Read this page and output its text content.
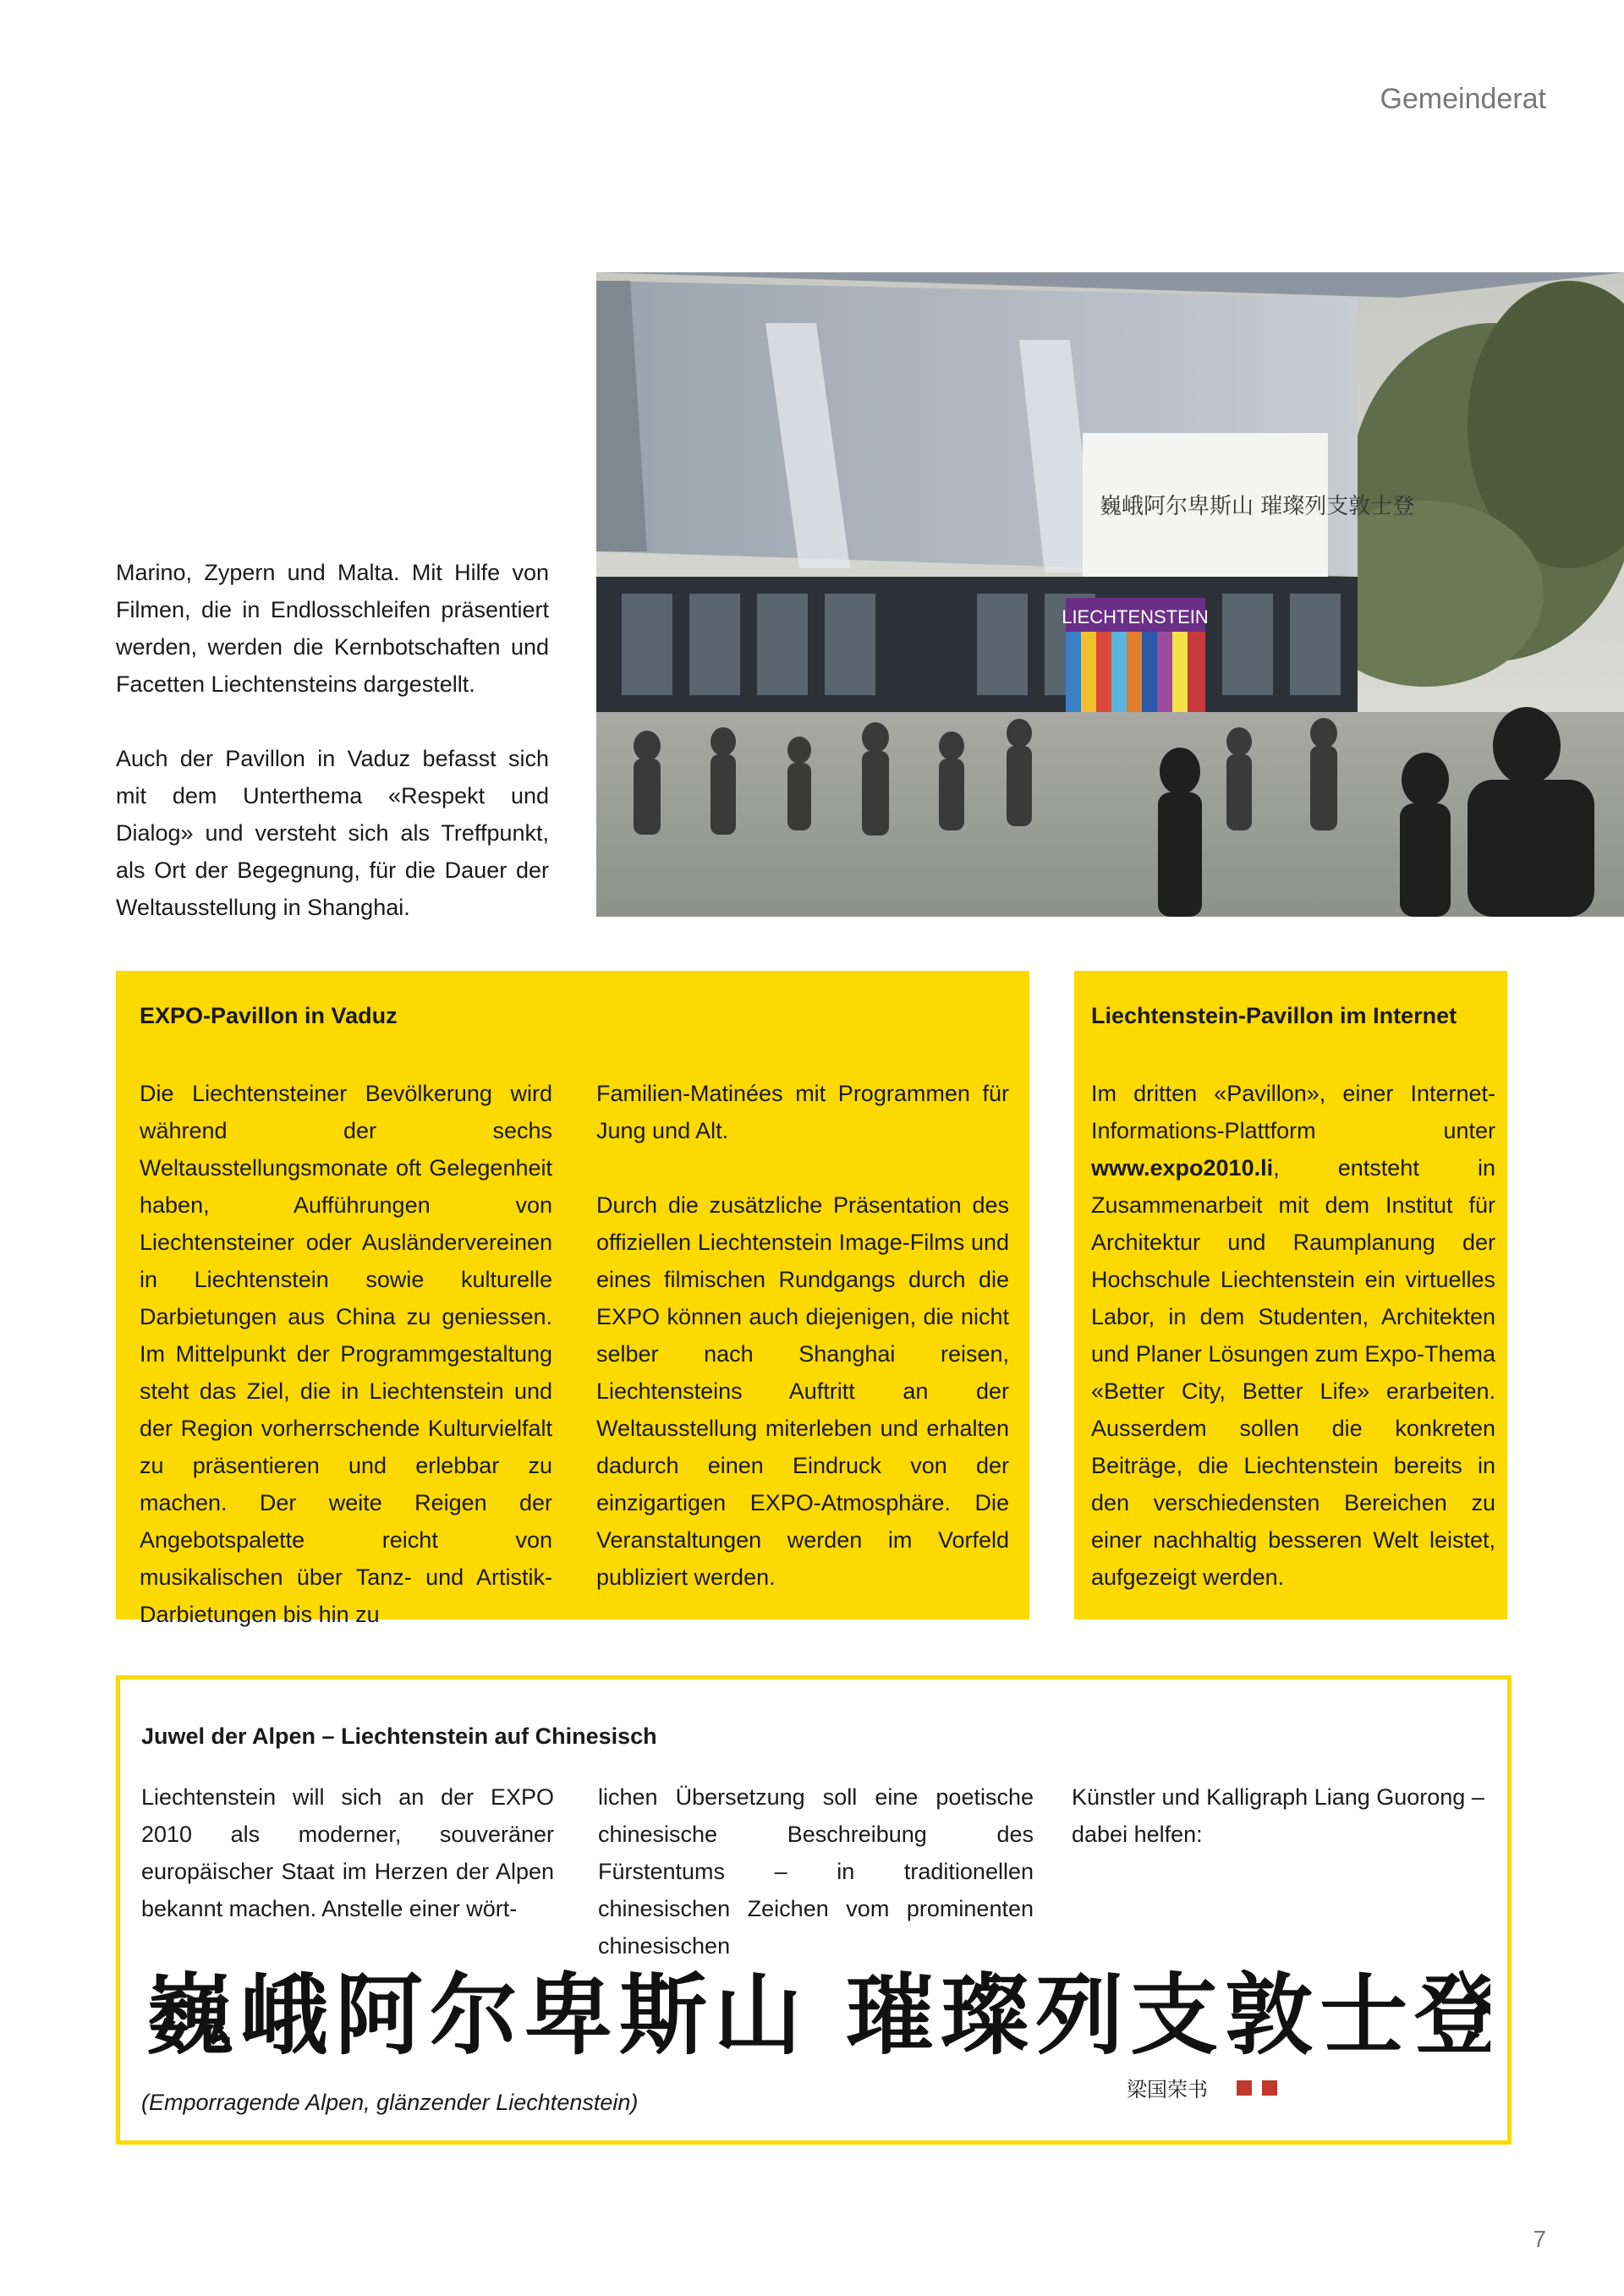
Gemeinderat
巍峨阿尔卑斯山 璀璨列支敦士登
LIECHTENSTEIN

Marino, Zypern und Malta. Mit Hilfe von Filmen, die in Endlosschleifen präsentiert werden, werden die Kernbotschaften und Facetten Liechtensteins dargestellt.

Auch der Pavillon in Vaduz befasst sich mit dem Unterthema «Respekt und Dialog» und versteht sich als Treffpunkt, als Ort der Begegnung, für die Dauer der Weltausstellung in Shanghai.

EXPO-Pavillon in Vaduz

Die Liechtensteiner Bevölkerung wird während der sechs Weltausstellungsmonate oft Gelegenheit haben, Aufführungen von Liechtensteiner oder Ausländervereinen in Liechtenstein sowie kulturelle Darbietungen aus China zu geniessen. Im Mittelpunkt der Programmgestaltung steht das Ziel, die in Liechtenstein und der Region vorherrschende Kulturvielfalt zu präsentieren und erlebbar zu machen. Der weite Reigen der Angebotspalette reicht von musikalischen über Tanz- und Artistik-Darbietungen bis hin zu

Familien-Matinées mit Programmen für Jung und Alt.

Durch die zusätzliche Präsentation des offiziellen Liechtenstein Image-Films und eines filmischen Rundgangs durch die EXPO können auch diejenigen, die nicht selber nach Shanghai reisen, Liechtensteins Auftritt an der Weltausstellung miterleben und erhalten dadurch einen Eindruck von der einzigartigen EXPO-Atmosphäre. Die Veranstaltungen werden im Vorfeld publiziert werden.

Liechtenstein-Pavillon im Internet

Im dritten «Pavillon», einer Internet-Informations-Plattform unter www.expo2010.li, entsteht in Zusammenarbeit mit dem Institut für Architektur und Raumplanung der Hochschule Liechtenstein ein virtuelles Labor, in dem Studenten, Architekten und Planer Lösungen zum Expo-Thema «Better City, Better Life» erarbeiten. Ausserdem sollen die konkreten Beiträge, die Liechtenstein bereits in den verschiedensten Bereichen zu einer nachhaltig besseren Welt leistet, aufgezeigt werden.

Juwel der Alpen – Liechtenstein auf Chinesisch

Liechtenstein will sich an der EXPO 2010 als moderner, souveräner europäischer Staat im Herzen der Alpen bekannt machen. Anstelle einer wört-

lichen Übersetzung soll eine poetische chinesische Beschreibung des Fürstentums – in traditionellen chinesischen Zeichen vom prominenten chinesischen

Künstler und Kalligraph Liang Guorong – dabei helfen:

巍峨阿尔卑斯山 璀璨列支敦士登
梁国荣书
(Emporragende Alpen, glänzender Liechtenstein)
7
